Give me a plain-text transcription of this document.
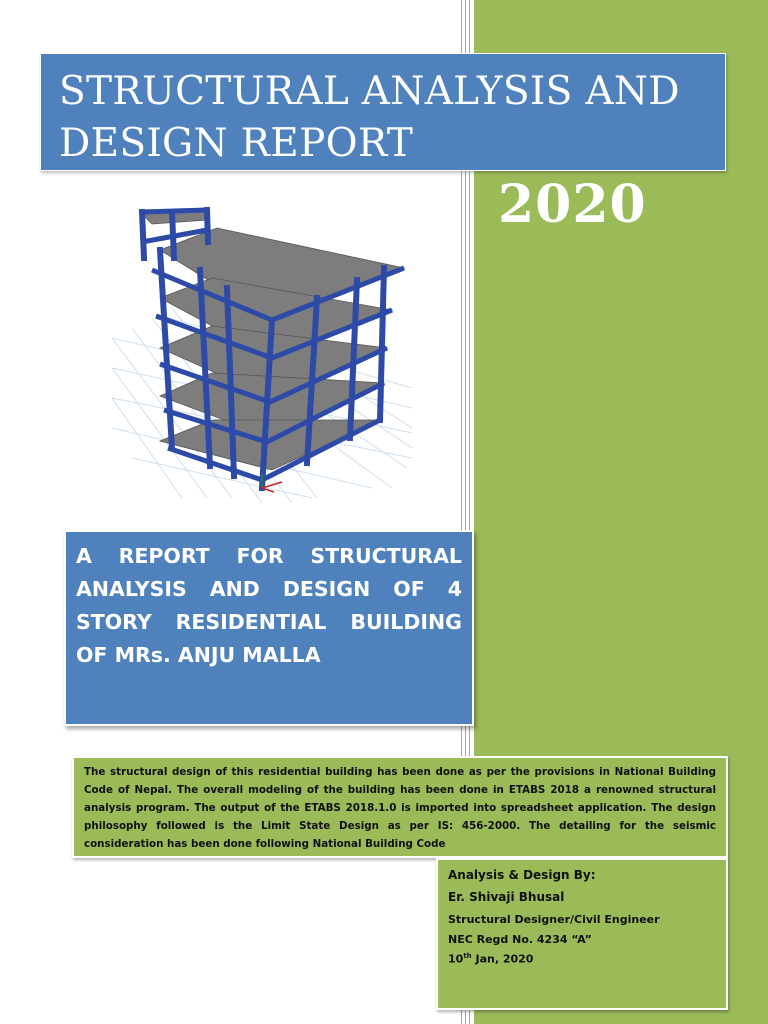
STRUCTURAL ANALYSIS AND DESIGN REPORT
2020
A REPORT FOR STRUCTURAL ANALYSIS AND DESIGN OF 4 STORY RESIDENTIAL BUILDING OF MRs. ANJU MALLA
The structural design of this residential building has been done as per the provisions in National Building Code of Nepal. The overall modeling of the building has been done in ETABS 2018 a renowned structural analysis program. The output of the ETABS 2018.1.0 is imported into spreadsheet application. The design philosophy followed is the Limit State Design as per IS: 456-2000. The detailing for the seismic consideration has been done following National Building Code
Analysis & Design By:
Er. Shivaji Bhusal
Structural Designer/Civil Engineer
NEC Regd No. 4234 “A”
10th Jan, 2020
